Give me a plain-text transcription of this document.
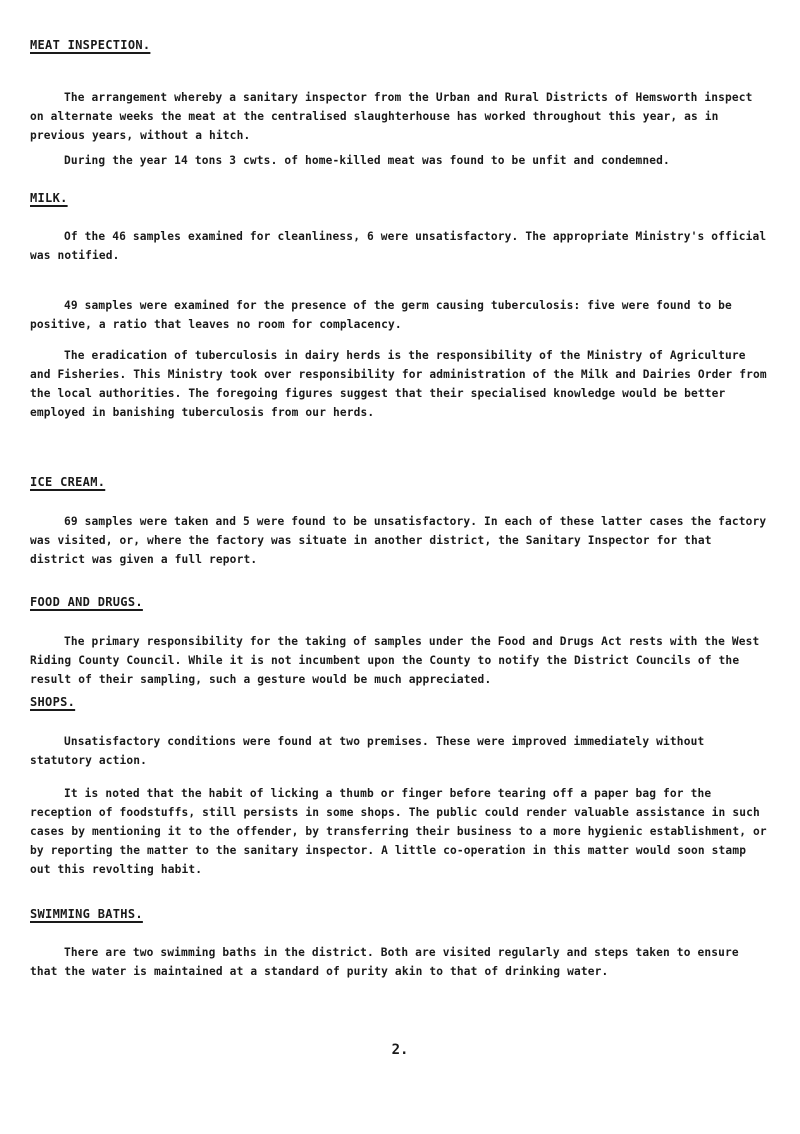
MEAT INSPECTION.

The arrangement whereby a sanitary inspector from the Urban and Rural Districts of Hemsworth inspect on alternate weeks the meat at the centralised slaughterhouse has worked throughout this year, as in previous years, without a hitch.

During the year 14 tons 3 cwts. of home-killed meat was found to be unfit and condemned.

MILK.

Of the 46 samples examined for cleanliness, 6 were unsatisfactory. The appropriate Ministry's official was notified.

49 samples were examined for the presence of the germ causing tuberculosis: five were found to be positive, a ratio that leaves no room for complacency.

The eradication of tuberculosis in dairy herds is the responsibility of the Ministry of Agriculture and Fisheries. This Ministry took over responsibility for administration of the Milk and Dairies Order from the local authorities. The foregoing figures suggest that their specialised knowledge would be better employed in banishing tuberculosis from our herds.

ICE CREAM.

69 samples were taken and 5 were found to be unsatisfactory. In each of these latter cases the factory was visited, or, where the factory was situate in another district, the Sanitary Inspector for that district was given a full report.

FOOD AND DRUGS.

The primary responsibility for the taking of samples under the Food and Drugs Act rests with the West Riding County Council. While it is not incumbent upon the County to notify the District Councils of the result of their sampling, such a gesture would be much appreciated.

SHOPS.

Unsatisfactory conditions were found at two premises. These were improved immediately without statutory action.

It is noted that the habit of licking a thumb or finger before tearing off a paper bag for the reception of foodstuffs, still persists in some shops. The public could render valuable assistance in such cases by mentioning it to the offender, by transferring their business to a more hygienic establishment, or by reporting the matter to the sanitary inspector. A little co-operation in this matter would soon stamp out this revolting habit.

SWIMMING BATHS.

There are two swimming baths in the district. Both are visited regularly and steps taken to ensure that the water is maintained at a standard of purity akin to that of drinking water.

2.
